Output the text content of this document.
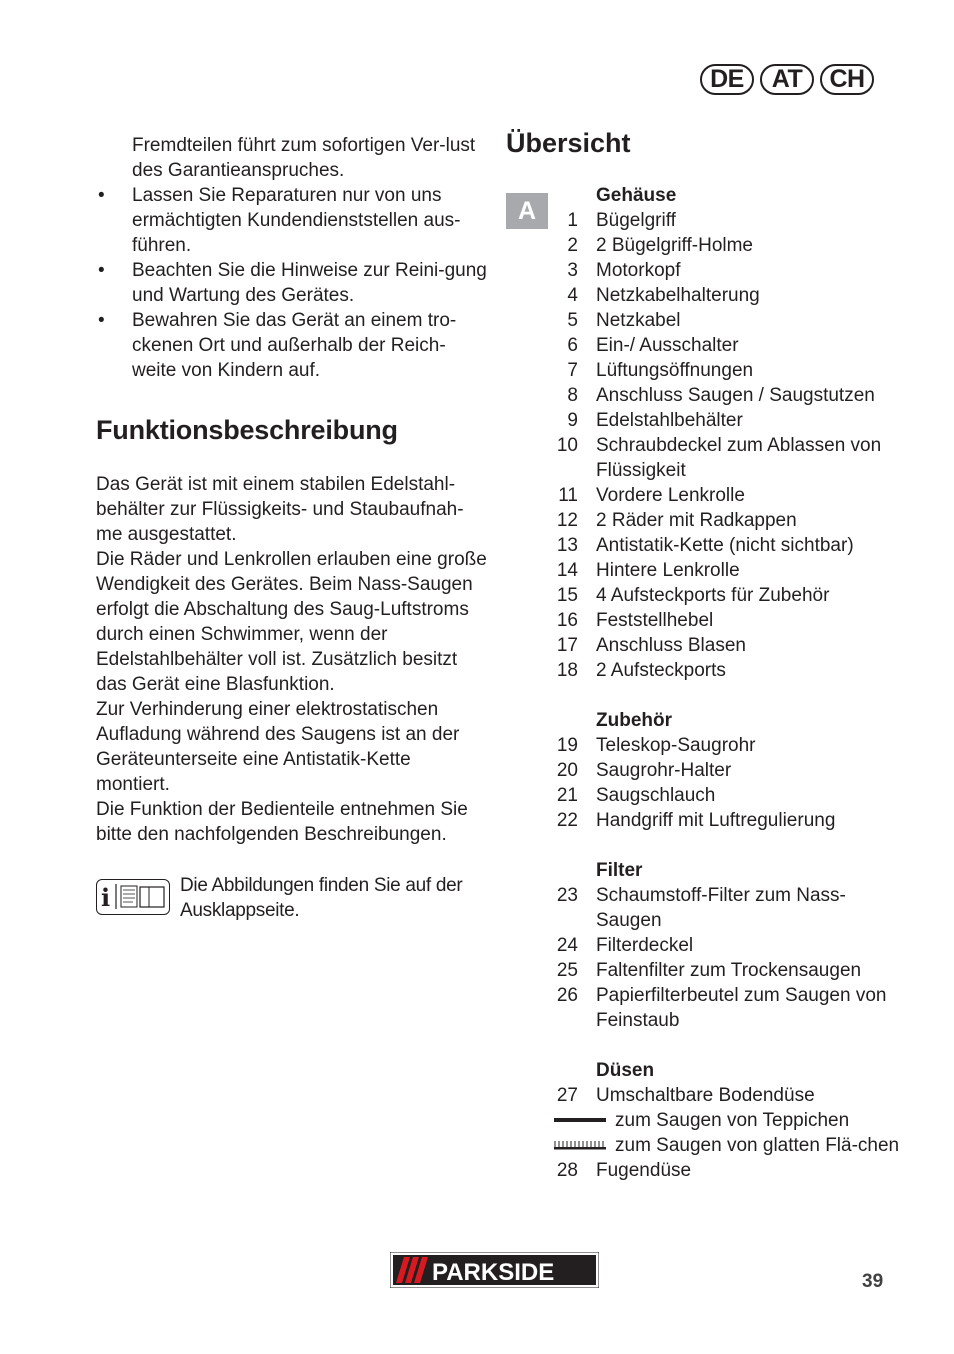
DE	AT	CH
Fremdteilen führt zum sofortigen Ver-lust des Garantieanspruches.
•	Lassen Sie Reparaturen nur von uns ermächtigten Kundendienststellen aus-führen.
•	Beachten Sie die Hinweise zur Reini-gung und Wartung des Gerätes.
•	Bewahren Sie das Gerät an einem tro-ckenen Ort und außerhalb der Reich-weite von Kindern auf.
Funktionsbeschreibung

Das Gerät ist mit einem stabilen Edelstahl-behälter zur Flüssigkeits- und Staubaufnah-me ausgestattet.

Die Räder und Lenkrollen erlauben eine große Wendigkeit des Gerätes. Beim Nass-Saugen erfolgt die Abschaltung des Saug-Luftstroms durch einen Schwimmer, wenn der Edelstahlbehälter voll ist. Zusätzlich besitzt das Gerät eine Blasfunktion.

Zur Verhinderung einer elektrostatischen Aufladung während des Saugens ist an der Geräteunterseite eine Antistatik-Kette montiert.

Die Funktion der Bedienteile entnehmen Sie bitte den nachfolgenden Beschreibungen.

i	Die Abbildungen finden Sie auf der Ausklappseite.
Übersicht
A
Gehäuse
1 Bügelgriff
2 2 Bügelgriff-Holme
3 Motorkopf
4 Netzkabelhalterung
5 Netzkabel
6 Ein-/ Ausschalter
7 Lüftungsöffnungen
8 Anschluss Saugen / Saugstutzen
9 Edelstahlbehälter
10 Schraubdeckel zum Ablassen von Flüssigkeit
11 Vordere Lenkrolle
12 2 Räder mit Radkappen
13 Antistatik-Kette (nicht sichtbar)
14 Hintere Lenkrolle
15 4 Aufsteckports für Zubehör
16 Feststellhebel
17 Anschluss Blasen
18 2 Aufsteckports
Zubehör
19 Teleskop-Saugrohr
20 Saugrohr-Halter
21 Saugschlauch
22 Handgriff mit Luftregulierung
Filter
23 Schaumstoff-Filter zum Nass-Saugen
24 Filterdeckel
25 Faltenfilter zum Trockensaugen
26 Papierfilterbeutel zum Saugen von Feinstaub
Düsen
27 Umschaltbare Bodendüse
zum Saugen von Teppichen
zum Saugen von glatten Flä-chen
28 Fugendüse
PARKSIDE	39
